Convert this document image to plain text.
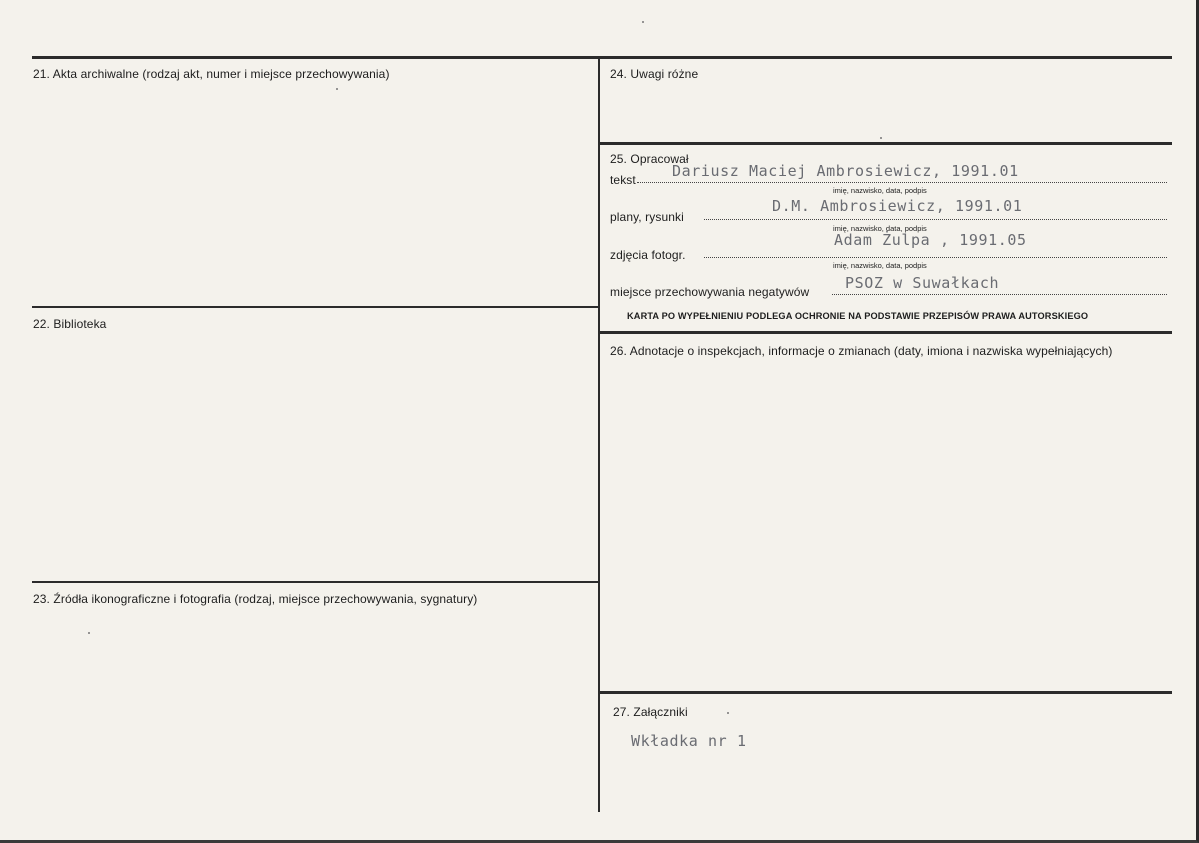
21. Akta archiwalne (rodzaj akt, numer i miejsce przechowywania)
22. Biblioteka
23. Źródła ikonograficzne i fotografia (rodzaj, miejsce przechowywania, sygnatury)
24. Uwagi różne
25. Opracował
tekst Dariusz Maciej Ambrosiewicz, 1991.01
imię, nazwisko, data, podpis
plany, rysunki
D.M. Ambrosiewicz, 1991.01
imię, nazwisko, data, podpis
zdjęcia fotogr.
Adam Żulpa , 1991.05
imię, nazwisko, data, podpis
miejsce przechowywania negatywów PSOZ w Suwałkach
KARTA PO WYPEŁNIENIU PODLEGA OCHRONIE NA PODSTAWIE PRZEPISÓW PRAWA AUTORSKIEGO
26. Adnotacje o inspekcjach, informacje o zmianach (daty, imiona i nazwiska wypełniających)
27. Załączniki
Wkładka nr 1
